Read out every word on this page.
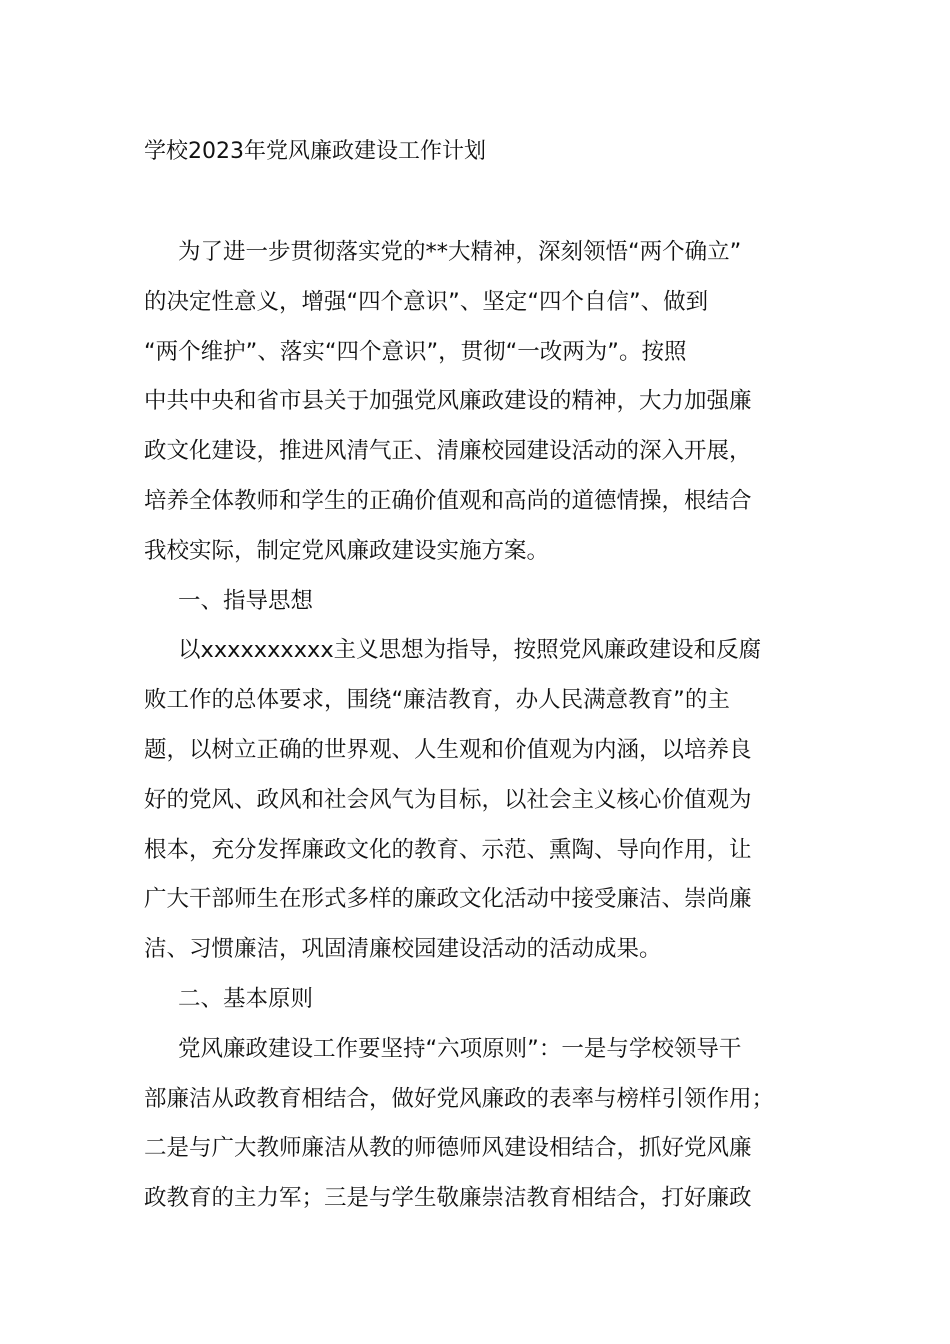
学校2023年党风廉政建设工作计划
为了进一步贯彻落实党的**大精神，深刻领悟“两个确立”
的决定性意义，增强“四个意识”、坚定“四个自信”、做到
“两个维护”、落实“四个意识”，贯彻“一改两为”。按照
中共中央和省市县关于加强党风廉政建设的精神，大力加强廉
政文化建设，推进风清气正、清廉校园建设活动的深入开展，
培养全体教师和学生的正确价值观和高尚的道德情操，根结合
我校实际，制定党风廉政建设实施方案。
一、指导思想
以xxxxxxxxxx主义思想为指导，按照党风廉政建设和反腐
败工作的总体要求，围绕“廉洁教育，办人民满意教育”的主
题，以树立正确的世界观、人生观和价值观为内涵，以培养良
好的党风、政风和社会风气为目标，以社会主义核心价值观为
根本，充分发挥廉政文化的教育、示范、熏陶、导向作用，让
广大干部师生在形式多样的廉政文化活动中接受廉洁、崇尚廉
洁、习惯廉洁，巩固清廉校园建设活动的活动成果。
二、基本原则
党风廉政建设工作要坚持“六项原则”：一是与学校领导干
部廉洁从政教育相结合，做好党风廉政的表率与榜样引领作用；
二是与广大教师廉洁从教的师德师风建设相结合，抓好党风廉
政教育的主力军；三是与学生敬廉崇洁教育相结合，打好廉政
